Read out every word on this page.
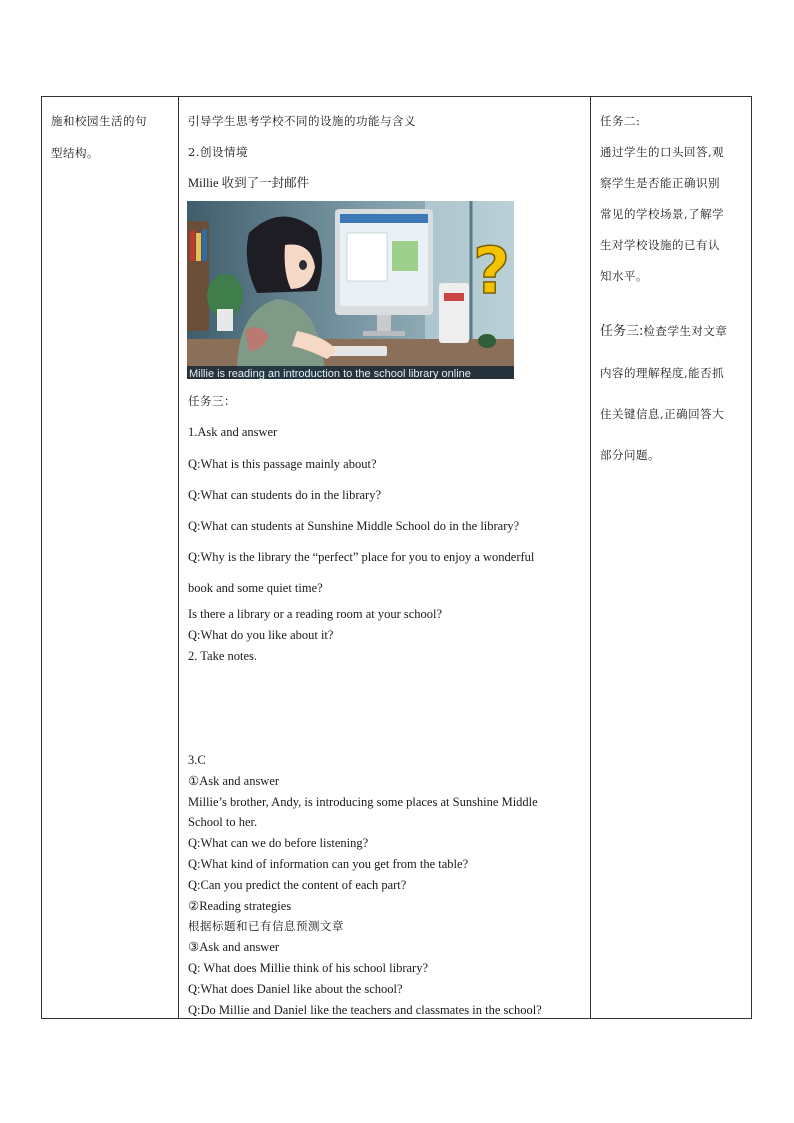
施和校园生活的句
型结构。
引导学生思考学校不同的设施的功能与含义
2.创设情境
Millie 收到了一封邮件
?
Millie is reading an introduction to the school library online
任务三：
1.Ask and answer
Q:What is this passage mainly about?
Q:What can students do in the library?
Q:What can students at Sunshine Middle School do in the library?
Q:Why is the library the “perfect” place for you to enjoy a wonderful
book and some quiet time?
Is there a library or a reading room at your school?
Q:What do you like about it?
2. Take notes.
3.C
①Ask and answer
Millie’s brother, Andy, is introducing some places at Sunshine Middle
School to her.
Q:What can we do before listening?
Q:What kind of information can you get from the table?
Q:Can you predict the content of each part?
②Reading strategies
根据标题和已有信息预测文章
③Ask and answer
Q: What does Millie think of his school library?
Q:What does Daniel like about the school?
Q:Do Millie and Daniel like the teachers and classmates in the school?
任务二:
通过学生的口头回答,观
察学生是否能正确识别
常见的学校场景,了解学
生对学校设施的已有认
知水平。
任务三:检查学生对文章
内容的理解程度,能否抓
住关键信息,正确回答大
部分问题。
